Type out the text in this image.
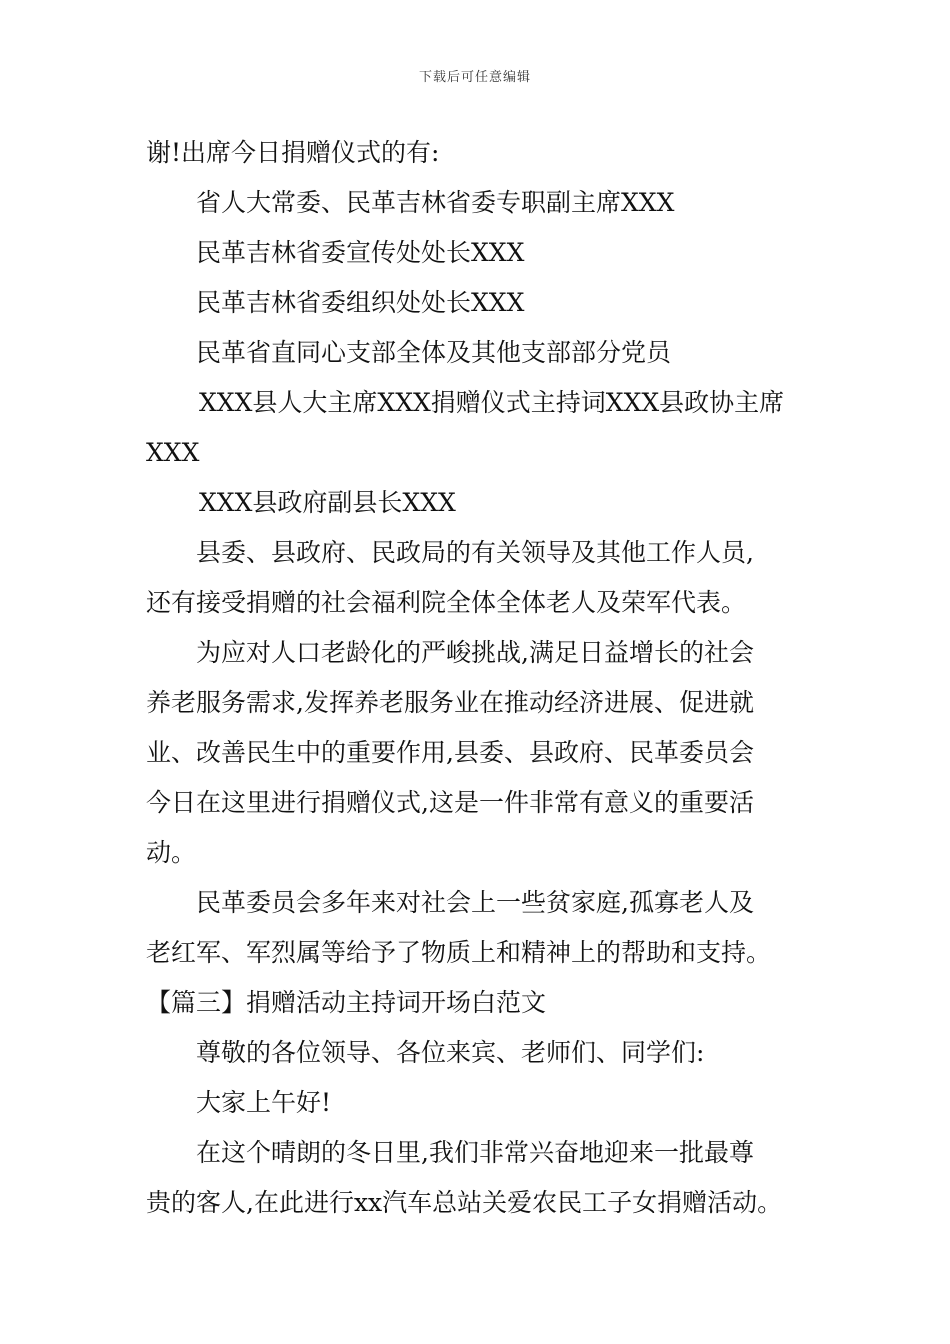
下载后可任意编辑
谢!出席今日捐赠仪式的有:
省人大常委、民革吉林省委专职副主席XXX
民革吉林省委宣传处处长XXX
民革吉林省委组织处处长XXX
民革省直同心支部全体及其他支部部分党员
XXX县人大主席XXX捐赠仪式主持词XXX县政协主席
XXX
XXX县政府副县长XXX
县委、县政府、民政局的有关领导及其他工作人员,
还有接受捐赠的社会福利院全体全体老人及荣军代表。
为应对人口老龄化的严峻挑战,满足日益增长的社会
养老服务需求,发挥养老服务业在推动经济进展、促进就
业、改善民生中的重要作用,县委、县政府、民革委员会
今日在这里进行捐赠仪式,这是一件非常有意义的重要活
动。
民革委员会多年来对社会上一些贫家庭,孤寡老人及
老红军、军烈属等给予了物质上和精神上的帮助和支持。
【篇三】捐赠活动主持词开场白范文
尊敬的各位领导、各位来宾、老师们、同学们:
大家上午好!
在这个晴朗的冬日里,我们非常兴奋地迎来一批最尊
贵的客人,在此进行xx汽车总站关爱农民工子女捐赠活动。
